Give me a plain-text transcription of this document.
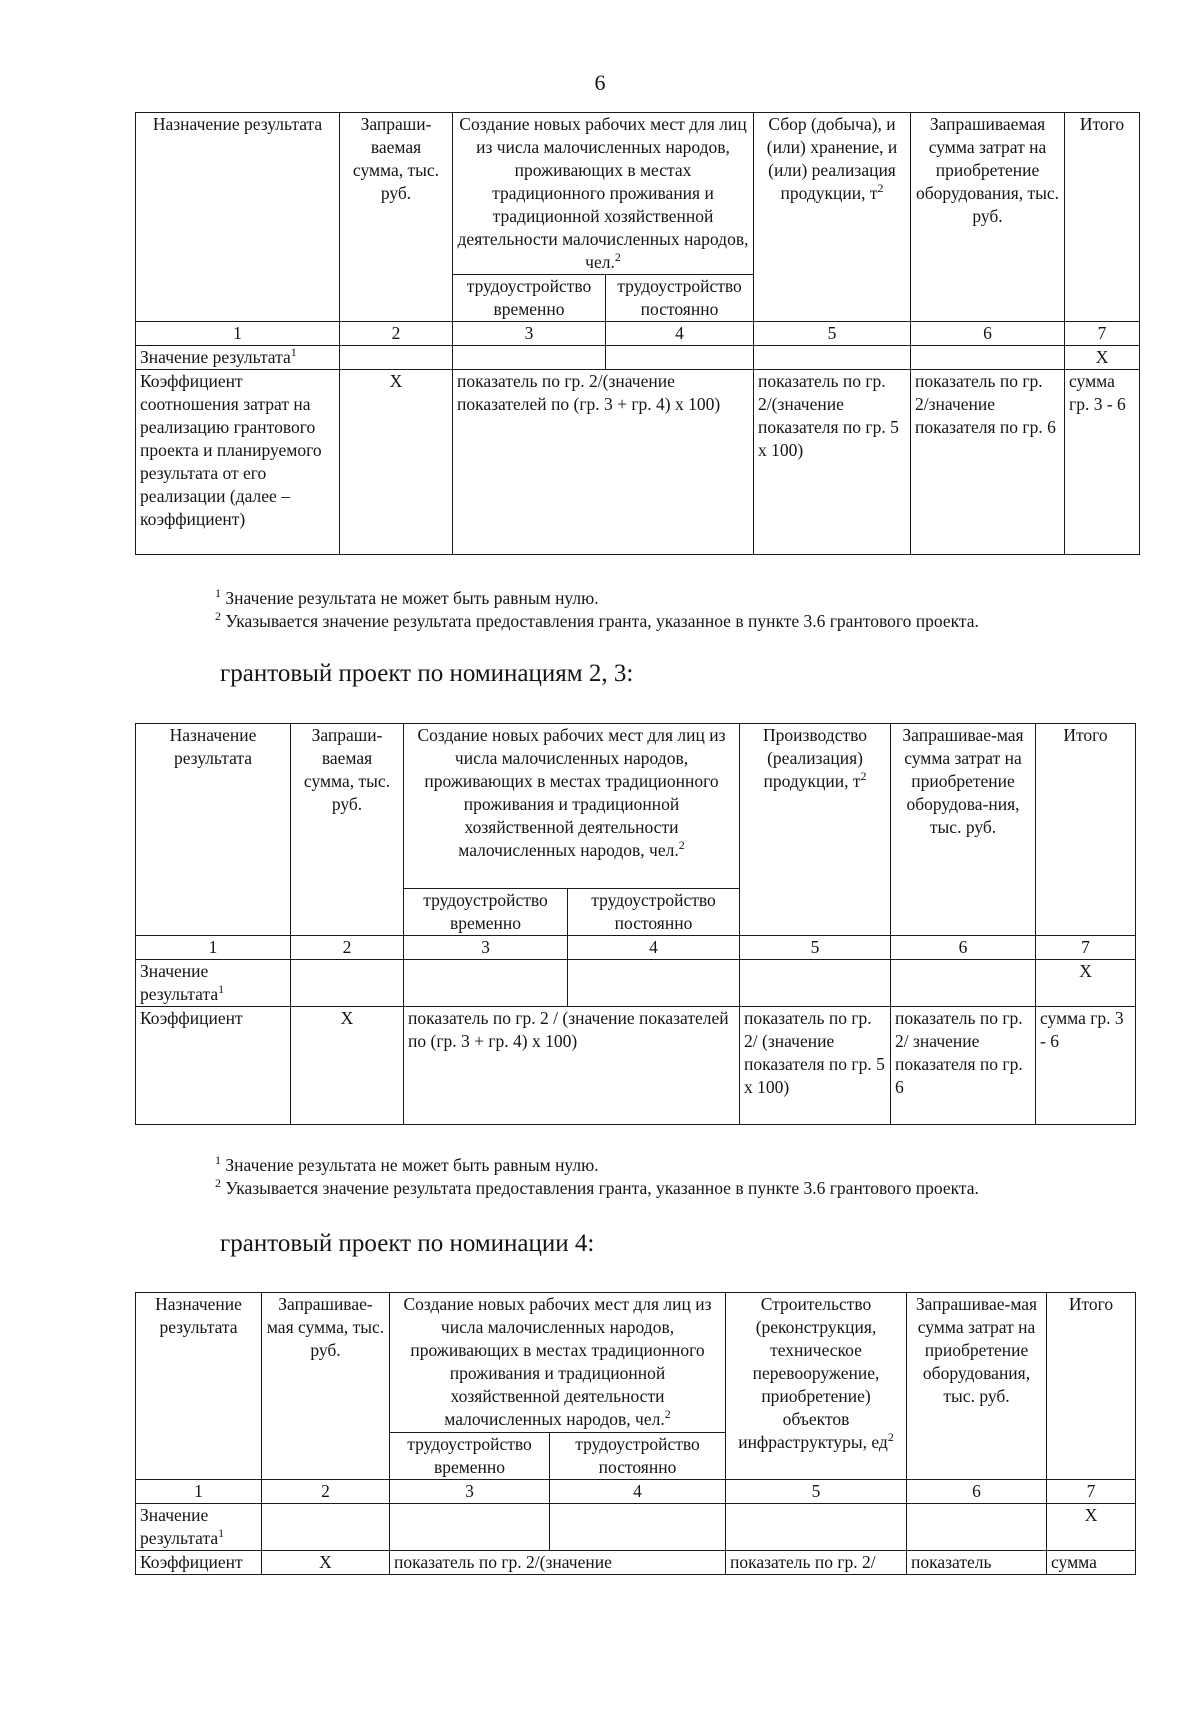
6
Назначение результата	Запраши-ваемая сумма, тыс. руб.	Создание новых рабочих мест для лиц из числа малочисленных народов, проживающих в местах традиционного проживания и традиционной хозяйственной деятельности малочисленных народов, чел.$^2$		Сбор (добыча), и (или) хранение, и (или) реализация продукции, т$^2$	Запрашиваемая сумма затрат на приобретение оборудования, тыс. руб.	Итого
		трудоустройство временно	трудоустройство постоянно			
1	2	3	4	5	6	7
Значение результата$^1$						X
Коэффициент соотношения затрат на реализацию грантового проекта и планируемого результата от его реализации (далее – коэффициент)	X	показатель по гр. 2/(значение показателей по (гр. 3 + гр. 4) x 100)		показатель по гр. 2/(значение показателя по гр. 5 x 100)	показатель по гр. 2/значение показателя по гр. 6	сумма гр. 3 - 6
$^1$ Значение результата не может быть равным нулю.
$^2$ Указывается значение результата предоставления гранта, указанное в пункте 3.6 грантового проекта.
грантовый проект по номинациям 2, 3:
Назначение результата	Запраши-ваемая сумма, тыс. руб.	Создание новых рабочих мест для лиц из числа малочисленных народов, проживающих в местах традиционного проживания и традиционной хозяйственной деятельности малочисленных народов, чел.$^2$		Производство (реализация) продукции, т$^2$	Запрашивае-мая сумма затрат на приобретение оборудова-ния, тыс. руб.	Итого
		трудоустройство временно	трудоустройство постоянно			
1	2	3	4	5	6	7
Значение результата$^1$						X
Коэффициент	X	показатель по гр. 2 / (значение показателей по (гр. 3 + гр. 4) x 100)		показатель по гр. 2/ (значение показателя по гр. 5 x 100)	показатель по гр. 2/ значение показателя по гр. 6	сумма гр. 3 - 6
$^1$ Значение результата не может быть равным нулю.
$^2$ Указывается значение результата предоставления гранта, указанное в пункте 3.6 грантового проекта.
грантовый проект по номинации 4:
Назначение результата	Запрашивае-мая сумма, тыс. руб.	Создание новых рабочих мест для лиц из числа малочисленных народов, проживающих в местах традиционного проживания и традиционной хозяйственной деятельности малочисленных народов, чел.$^2$		Строительство (реконструкция, техническое перевооружение, приобретение) объектов инфраструктуры, ед$^2$	Запрашивае-мая сумма затрат на приобретение оборудования, тыс. руб.	Итого
		трудоустройство временно	трудоустройство постоянно			
1	2	3	4	5	6	7
Значение результата$^1$						X
Коэффициент	X	показатель по гр. 2/(значение		показатель по гр. 2/	показатель	сумма
